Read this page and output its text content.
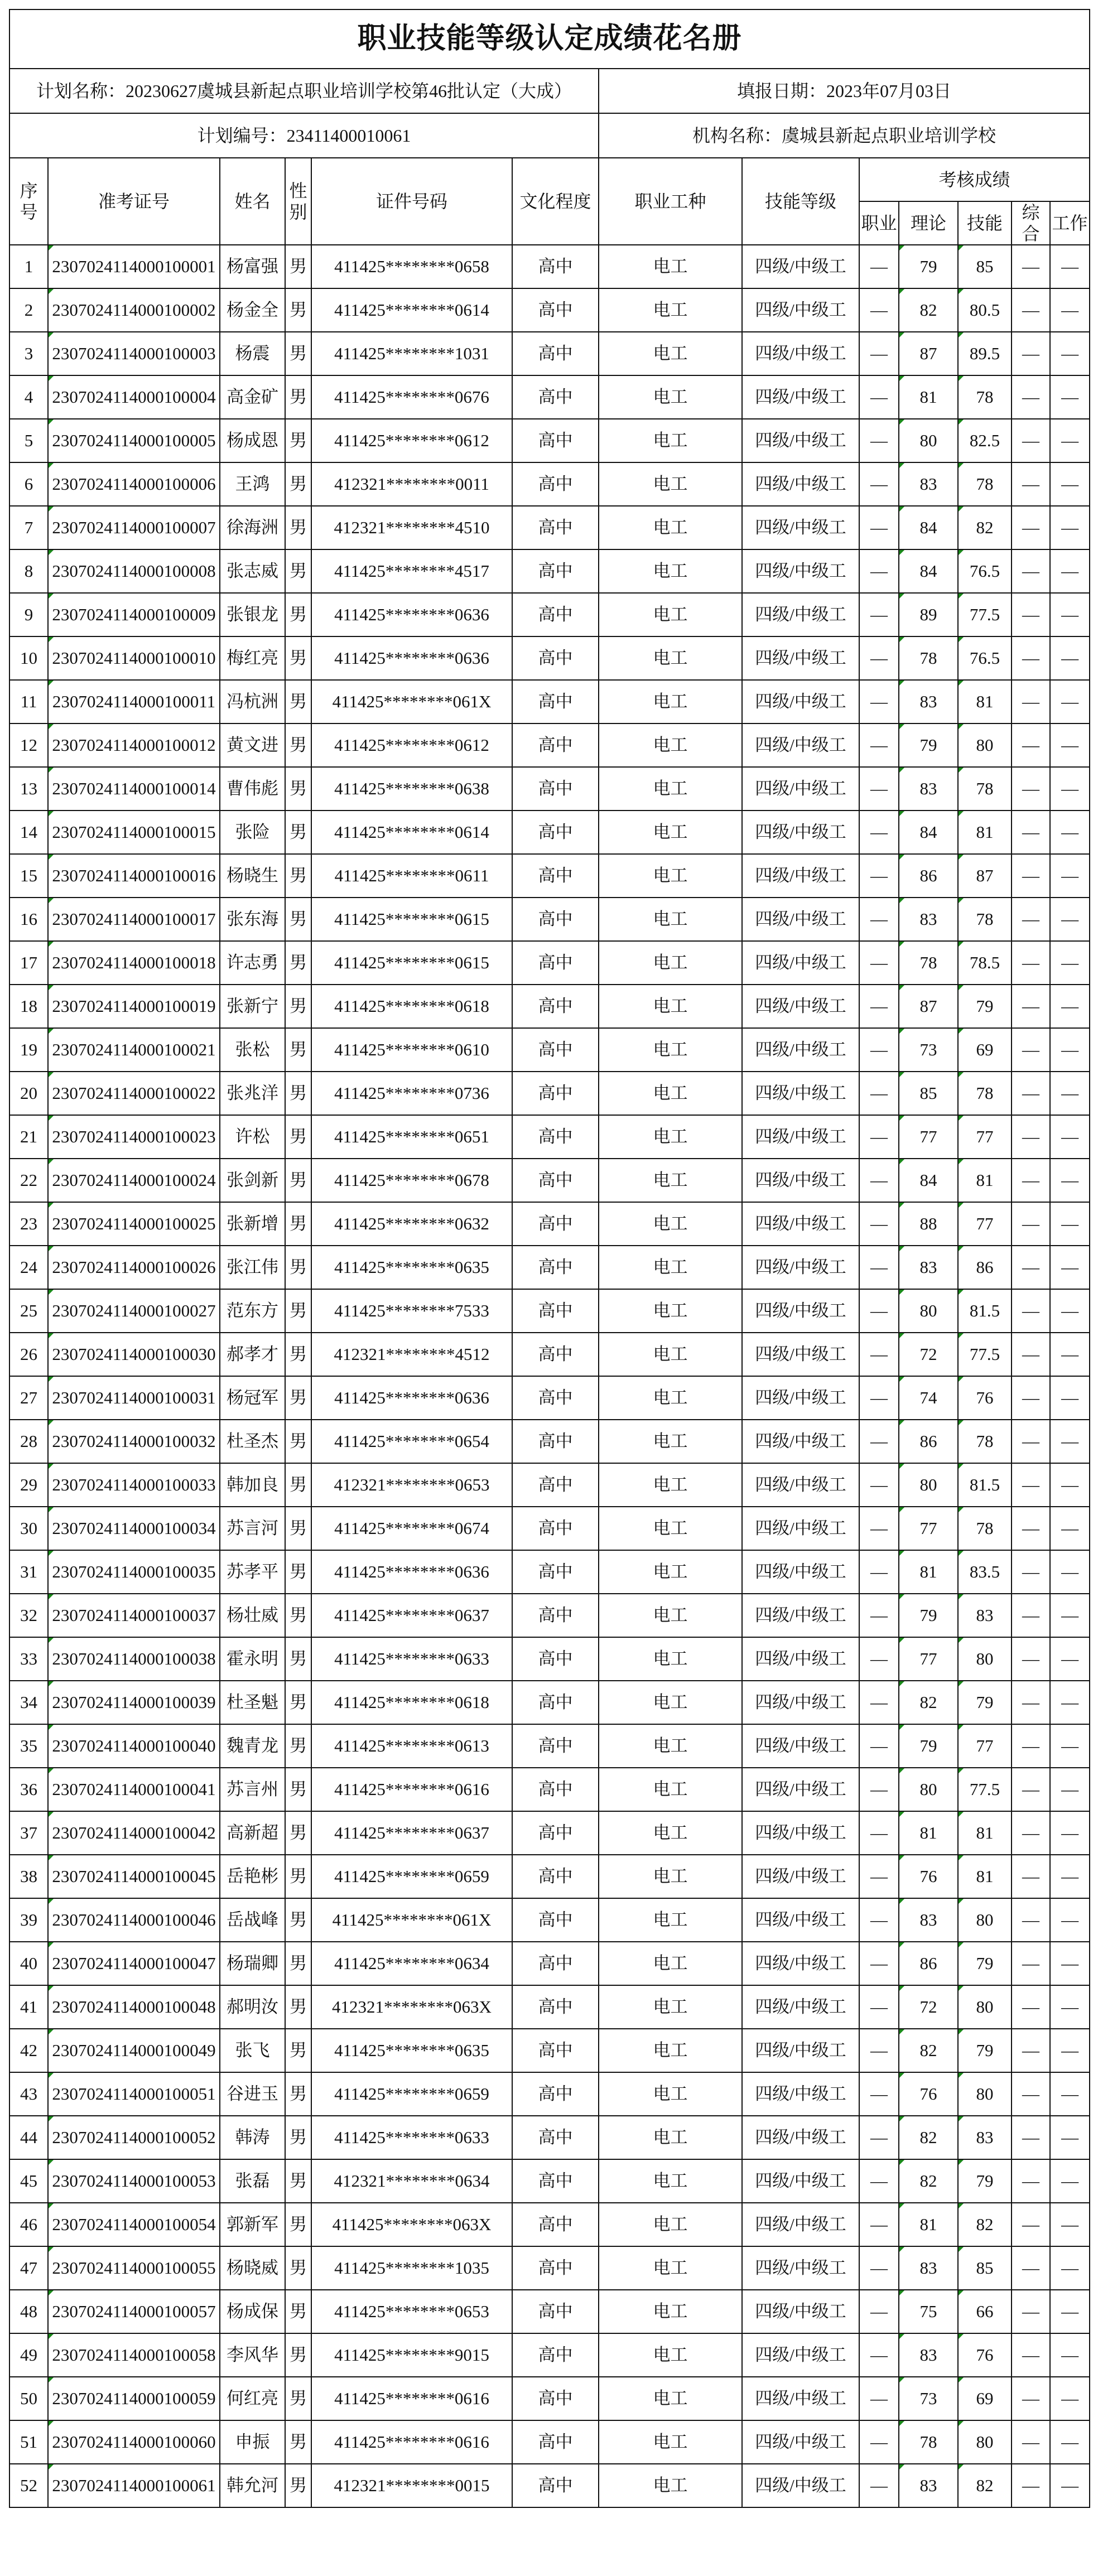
职业技能等级认定成绩花名册												
计划名称：20230627虞城县新起点职业培训学校第46批认定（大成）						填报日期：2023年07月03日						
计划编号：23411400010061						机构名称：虞城县新起点职业培训学校						
序号	准考证号	姓名	性别	证件号码	文化程度	职业工种	技能等级	考核成绩				
								职业	理论	技能	综合	工作
1	2307024114000100001	杨富强	男	411425********0658	高中	电工	四级/中级工	—	79	85	—	—
2	2307024114000100002	杨金全	男	411425********0614	高中	电工	四级/中级工	—	82	80.5	—	—
3	2307024114000100003	杨震	男	411425********1031	高中	电工	四级/中级工	—	87	89.5	—	—
4	2307024114000100004	高金矿	男	411425********0676	高中	电工	四级/中级工	—	81	78	—	—
5	2307024114000100005	杨成恩	男	411425********0612	高中	电工	四级/中级工	—	80	82.5	—	—
6	2307024114000100006	王鸿	男	412321********0011	高中	电工	四级/中级工	—	83	78	—	—
7	2307024114000100007	徐海洲	男	412321********4510	高中	电工	四级/中级工	—	84	82	—	—
8	2307024114000100008	张志威	男	411425********4517	高中	电工	四级/中级工	—	84	76.5	—	—
9	2307024114000100009	张银龙	男	411425********0636	高中	电工	四级/中级工	—	89	77.5	—	—
10	2307024114000100010	梅红亮	男	411425********0636	高中	电工	四级/中级工	—	78	76.5	—	—
11	2307024114000100011	冯杭洲	男	411425********061X	高中	电工	四级/中级工	—	83	81	—	—
12	2307024114000100012	黄文进	男	411425********0612	高中	电工	四级/中级工	—	79	80	—	—
13	2307024114000100014	曹伟彪	男	411425********0638	高中	电工	四级/中级工	—	83	78	—	—
14	2307024114000100015	张险	男	411425********0614	高中	电工	四级/中级工	—	84	81	—	—
15	2307024114000100016	杨晓生	男	411425********0611	高中	电工	四级/中级工	—	86	87	—	—
16	2307024114000100017	张东海	男	411425********0615	高中	电工	四级/中级工	—	83	78	—	—
17	2307024114000100018	许志勇	男	411425********0615	高中	电工	四级/中级工	—	78	78.5	—	—
18	2307024114000100019	张新宁	男	411425********0618	高中	电工	四级/中级工	—	87	79	—	—
19	2307024114000100021	张松	男	411425********0610	高中	电工	四级/中级工	—	73	69	—	—
20	2307024114000100022	张兆洋	男	411425********0736	高中	电工	四级/中级工	—	85	78	—	—
21	2307024114000100023	许松	男	411425********0651	高中	电工	四级/中级工	—	77	77	—	—
22	2307024114000100024	张剑新	男	411425********0678	高中	电工	四级/中级工	—	84	81	—	—
23	2307024114000100025	张新增	男	411425********0632	高中	电工	四级/中级工	—	88	77	—	—
24	2307024114000100026	张江伟	男	411425********0635	高中	电工	四级/中级工	—	83	86	—	—
25	2307024114000100027	范东方	男	411425********7533	高中	电工	四级/中级工	—	80	81.5	—	—
26	2307024114000100030	郝孝才	男	412321********4512	高中	电工	四级/中级工	—	72	77.5	—	—
27	2307024114000100031	杨冠军	男	411425********0636	高中	电工	四级/中级工	—	74	76	—	—
28	2307024114000100032	杜圣杰	男	411425********0654	高中	电工	四级/中级工	—	86	78	—	—
29	2307024114000100033	韩加良	男	412321********0653	高中	电工	四级/中级工	—	80	81.5	—	—
30	2307024114000100034	苏言河	男	411425********0674	高中	电工	四级/中级工	—	77	78	—	—
31	2307024114000100035	苏孝平	男	411425********0636	高中	电工	四级/中级工	—	81	83.5	—	—
32	2307024114000100037	杨壮威	男	411425********0637	高中	电工	四级/中级工	—	79	83	—	—
33	2307024114000100038	霍永明	男	411425********0633	高中	电工	四级/中级工	—	77	80	—	—
34	2307024114000100039	杜圣魁	男	411425********0618	高中	电工	四级/中级工	—	82	79	—	—
35	2307024114000100040	魏青龙	男	411425********0613	高中	电工	四级/中级工	—	79	77	—	—
36	2307024114000100041	苏言州	男	411425********0616	高中	电工	四级/中级工	—	80	77.5	—	—
37	2307024114000100042	高新超	男	411425********0637	高中	电工	四级/中级工	—	81	81	—	—
38	2307024114000100045	岳艳彬	男	411425********0659	高中	电工	四级/中级工	—	76	81	—	—
39	2307024114000100046	岳战峰	男	411425********061X	高中	电工	四级/中级工	—	83	80	—	—
40	2307024114000100047	杨瑞卿	男	411425********0634	高中	电工	四级/中级工	—	86	79	—	—
41	2307024114000100048	郝明汝	男	412321********063X	高中	电工	四级/中级工	—	72	80	—	—
42	2307024114000100049	张飞	男	411425********0635	高中	电工	四级/中级工	—	82	79	—	—
43	2307024114000100051	谷进玉	男	411425********0659	高中	电工	四级/中级工	—	76	80	—	—
44	2307024114000100052	韩涛	男	411425********0633	高中	电工	四级/中级工	—	82	83	—	—
45	2307024114000100053	张磊	男	412321********0634	高中	电工	四级/中级工	—	82	79	—	—
46	2307024114000100054	郭新军	男	411425********063X	高中	电工	四级/中级工	—	81	82	—	—
47	2307024114000100055	杨晓威	男	411425********1035	高中	电工	四级/中级工	—	83	85	—	—
48	2307024114000100057	杨成保	男	411425********0653	高中	电工	四级/中级工	—	75	66	—	—
49	2307024114000100058	李风华	男	411425********9015	高中	电工	四级/中级工	—	83	76	—	—
50	2307024114000100059	何红亮	男	411425********0616	高中	电工	四级/中级工	—	73	69	—	—
51	2307024114000100060	申振	男	411425********0616	高中	电工	四级/中级工	—	78	80	—	—
52	2307024114000100061	韩允河	男	412321********0015	高中	电工	四级/中级工	—	83	82	—	—
